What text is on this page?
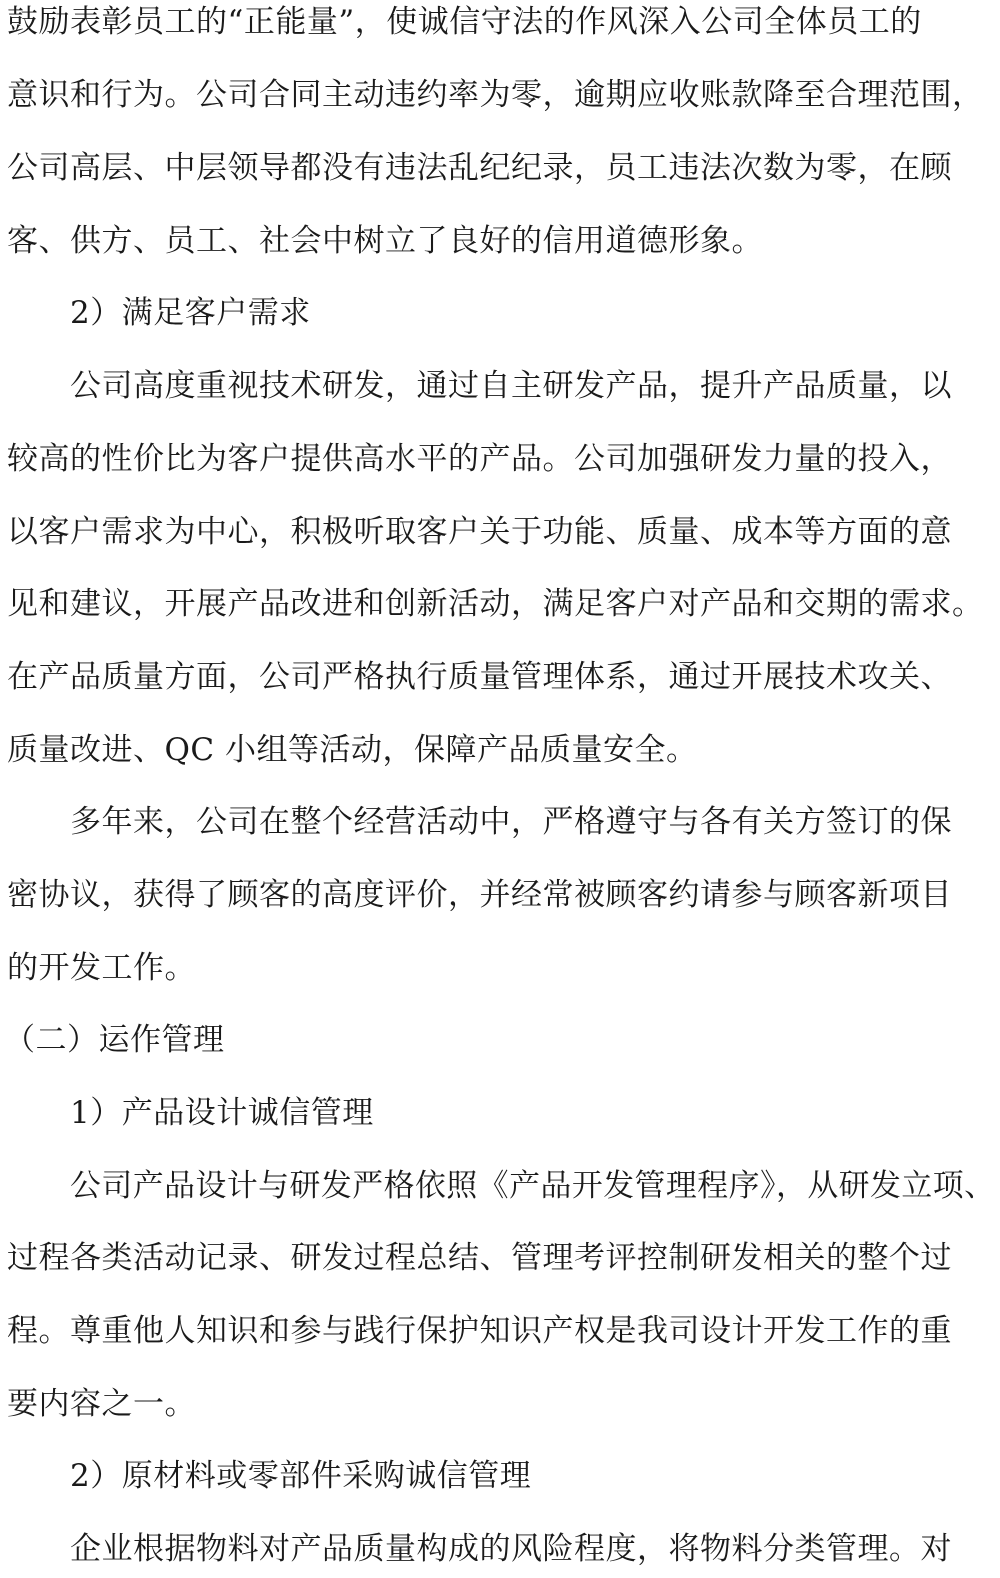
鼓励表彰员工的“正能量”，使诚信守法的作风深入公司全体员工的
意识和行为。公司合同主动违约率为零，逾期应收账款降至合理范围，
公司高层、中层领导都没有违法乱纪纪录，员工违法次数为零，在顾
客、供方、员工、社会中树立了良好的信用道德形象。
2）满足客户需求
公司高度重视技术研发，通过自主研发产品，提升产品质量，以
较高的性价比为客户提供高水平的产品。公司加强研发力量的投入，
以客户需求为中心，积极听取客户关于功能、质量、成本等方面的意
见和建议，开展产品改进和创新活动，满足客户对产品和交期的需求。
在产品质量方面，公司严格执行质量管理体系，通过开展技术攻关、
质量改进、QC 小组等活动，保障产品质量安全。
多年来，公司在整个经营活动中，严格遵守与各有关方签订的保
密协议，获得了顾客的高度评价，并经常被顾客约请参与顾客新项目
的开发工作。
（二）运作管理
1）产品设计诚信管理
公司产品设计与研发严格依照《产品开发管理程序》，从研发立项、
过程各类活动记录、研发过程总结、管理考评控制研发相关的整个过
程。尊重他人知识和参与践行保护知识产权是我司设计开发工作的重
要内容之一。
2）原材料或零部件采购诚信管理
企业根据物料对产品质量构成的风险程度，将物料分类管理。对
